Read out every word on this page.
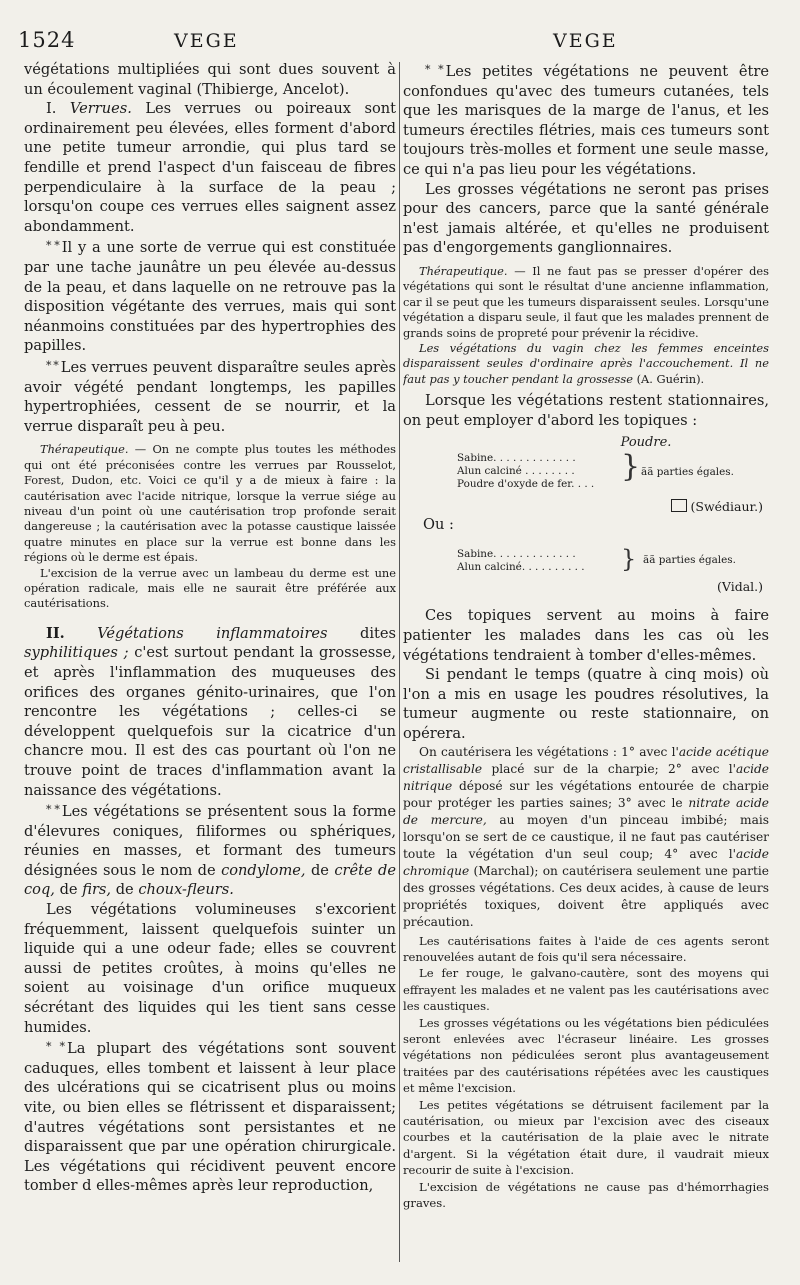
1524	VEGE	VEGE

végétations multipliées qui sont dues souvent à un écoulement vaginal (Thibierge, Ancelot).

I. Verrues. Les verrues ou poireaux sont ordinairement peu élevées, elles forment d'abord une petite tumeur arrondie, qui plus tard se fendille et prend l'aspect d'un faisceau de fibres perpendiculaire à la surface de la peau ; lorsqu'on coupe ces verrues elles saignent assez abondamment.

* * Il y a une sorte de verrue qui est constituée par une tache jaunâtre un peu élevée au-dessus de la peau, et dans laquelle on ne retrouve pas la disposition végétante des verrues, mais qui sont néanmoins constituées par des hypertrophies des papilles.

* * Les verrues peuvent disparaître seules après avoir végété pendant longtemps, les papilles hypertrophiées, cessent de se nourrir, et la verrue disparaît peu à peu.

Thérapeutique. — On ne compte plus toutes les méthodes qui ont été préconisées contre les verrues par Rousselot, Forest, Dudon, etc. Voici ce qu'il y a de mieux à faire : la cautérisation avec l'acide nitrique, lorsque la verrue siége au niveau d'un point où une cautérisation trop profonde serait dangereuse ; la cautérisation avec la potasse caustique laissée quatre minutes en place sur la verrue est bonne dans les régions où le derme est épais.

L'excision de la verrue avec un lambeau du derme est une opération radicale, mais elle ne saurait être préférée aux cautérisations.

II. Végétations inflammatoires dites syphilitiques ; c'est surtout pendant la grossesse, et après l'inflammation des muqueuses des orifices des organes génito-urinaires, que l'on rencontre les végétations ; celles-ci se développent quelquefois sur la cicatrice d'un chancre mou. Il est des cas pourtant où l'on ne trouve point de traces d'inflammation avant la naissance des végétations.

* * Les végétations se présentent sous la forme d'élevures coniques, filiformes ou sphériques, réunies en masses, et formant des tumeurs désignées sous le nom de condylome, de crête de coq, de firs, de choux-fleurs.

Les végétations volumineuses s'excorient fréquemment, laissent quelquefois suinter un liquide qui a une odeur fade; elles se couvrent aussi de petites croûtes, à moins qu'elles ne soient au voisinage d'un orifice muqueux sécrétant des liquides qui les tient sans cesse humides.

* * La plupart des végétations sont souvent caduques, elles tombent et laissent à leur place des ulcérations qui se cicatrisent plus ou moins vite, ou bien elles se flétrissent et disparaissent; d'autres végétations sont persistantes et ne disparaissent que par une opération chirurgicale. Les végétations qui récidivent peuvent encore tomber d elles-mêmes après leur reproduction,

* * Les petites végétations ne peuvent être confondues qu'avec des tumeurs cutanées, tels que les marisques de la marge de l'anus, et les tumeurs érectiles flétries, mais ces tumeurs sont toujours très-molles et forment une seule masse, ce qui n'a pas lieu pour les végétations.

Les grosses végétations ne seront pas prises pour des cancers, parce que la santé générale n'est jamais altérée, et qu'elles ne produisent pas d'engorgements ganglionnaires.

Thérapeutique. — Il ne faut pas se presser d'opérer des végétations qui sont le résultat d'une ancienne inflammation, car il se peut que les tumeurs disparaissent seules. Lorsqu'une végétation a disparu seule, il faut que les malades prennent de grands soins de propreté pour prévenir la récidive.

Les végétations du vagin chez les femmes enceintes disparaissent seules d'ordinaire après l'accouchement. Il ne faut pas y toucher pendant la grossesse (A. Guérin).

Lorsque les végétations restent stationnaires, on peut employer d'abord les topiques :

Poudre.
Sabine. . . . . . . . . . . . .
Alun calciné . . . . . . . .
Poudre d'oxyde de fer. . . . } ãã parties égales.
(Swédiaur.)
Ou :
Sabine. . . . . . . . . . . . .
Alun calciné. . . . . . . . . .	} ãã parties égales.
(Vidal.)

Ces topiques servent au moins à faire patienter les malades dans les cas où les végétations tendraient à tomber d'elles-mêmes.

Si pendant le temps (quatre à cinq mois) où l'on a mis en usage les poudres résolutives, la tumeur augmente ou reste stationnaire, on opérera.

On cautérisera les végétations : 1° avec l'acide acétique cristallisable placé sur de la charpie; 2° avec l'acide nitrique déposé sur les végétations entourée de charpie pour protéger les parties saines; 3° avec le nitrate acide de mercure, au moyen d'un pinceau imbibé; mais lorsqu'on se sert de ce caustique, il ne faut pas cautériser toute la végétation d'un seul coup; 4° avec l'acide chromique (Marchal); on cautérisera seulement une partie des grosses végétations. Ces deux acides, à cause de leurs propriétés toxiques, doivent être appliqués avec précaution.

Les cautérisations faites à l'aide de ces agents seront renouvelées autant de fois qu'il sera nécessaire.

Le fer rouge, le galvano-cautère, sont des moyens qui effrayent les malades et ne valent pas les cautérisations avec les caustiques.

Les grosses végétations ou les végétations bien pédiculées seront enlevées avec l'écraseur linéaire. Les grosses végétations non pédiculées seront plus avantageusement traitées par des cautérisations répétées avec les caustiques et même l'excision.

Les petites végétations se détruisent facilement par la cautérisation, ou mieux par l'excision avec des ciseaux courbes et la cautérisation de la plaie avec le nitrate d'argent. Si la végétation était dure, il vaudrait mieux recourir de suite à l'excision.

L'excision de végétations ne cause pas d'hémorrhagies graves.
